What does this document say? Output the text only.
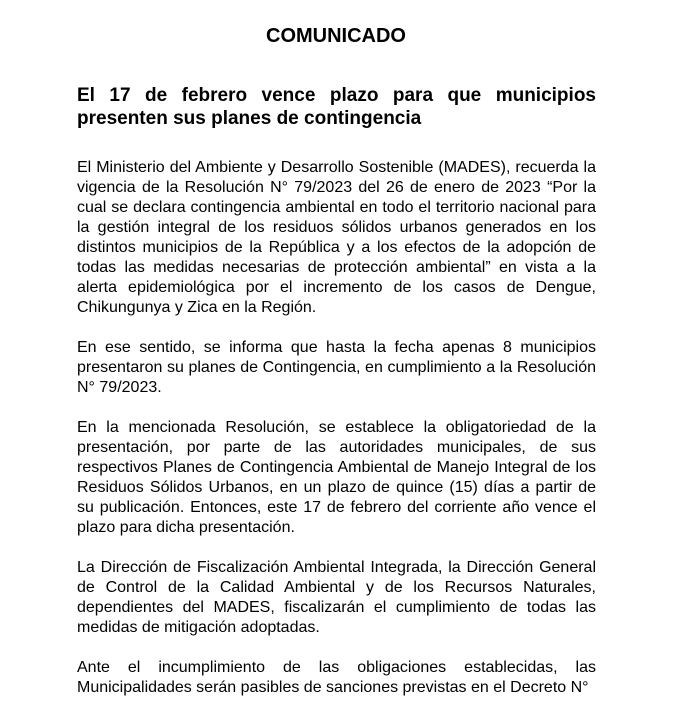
COMUNICADO
El 17 de febrero vence plazo para que municipios presenten sus planes de contingencia

El Ministerio del Ambiente y Desarrollo Sostenible (MADES), recuerda la vigencia de la Resolución N° 79/2023 del 26 de enero de 2023 “Por la cual se declara contingencia ambiental en todo el territorio nacional para la gestión integral de los residuos sólidos urbanos generados en los distintos municipios de la República y a los efectos de la adopción de todas las medidas necesarias de protección ambiental” en vista a la alerta epidemiológica por el incremento de los casos de Dengue, Chikungunya y Zica en la Región.

En ese sentido, se informa que hasta la fecha apenas 8 municipios presentaron su planes de Contingencia, en cumplimiento a la Resolución N° 79/2023.

En la mencionada Resolución, se establece la obligatoriedad de la presentación, por parte de las autoridades municipales, de sus respectivos Planes de Contingencia Ambiental de Manejo Integral de los Residuos Sólidos Urbanos, en un plazo de quince (15) días a partir de su publicación. Entonces, este 17 de febrero del corriente año vence el plazo para dicha presentación.

La Dirección de Fiscalización Ambiental Integrada, la Dirección General de Control de la Calidad Ambiental y de los Recursos Naturales, dependientes del MADES, fiscalizarán el cumplimiento de todas las medidas de mitigación adoptadas.

Ante el incumplimiento de las obligaciones establecidas, las Municipalidades serán pasibles de sanciones previstas en el Decreto N°
